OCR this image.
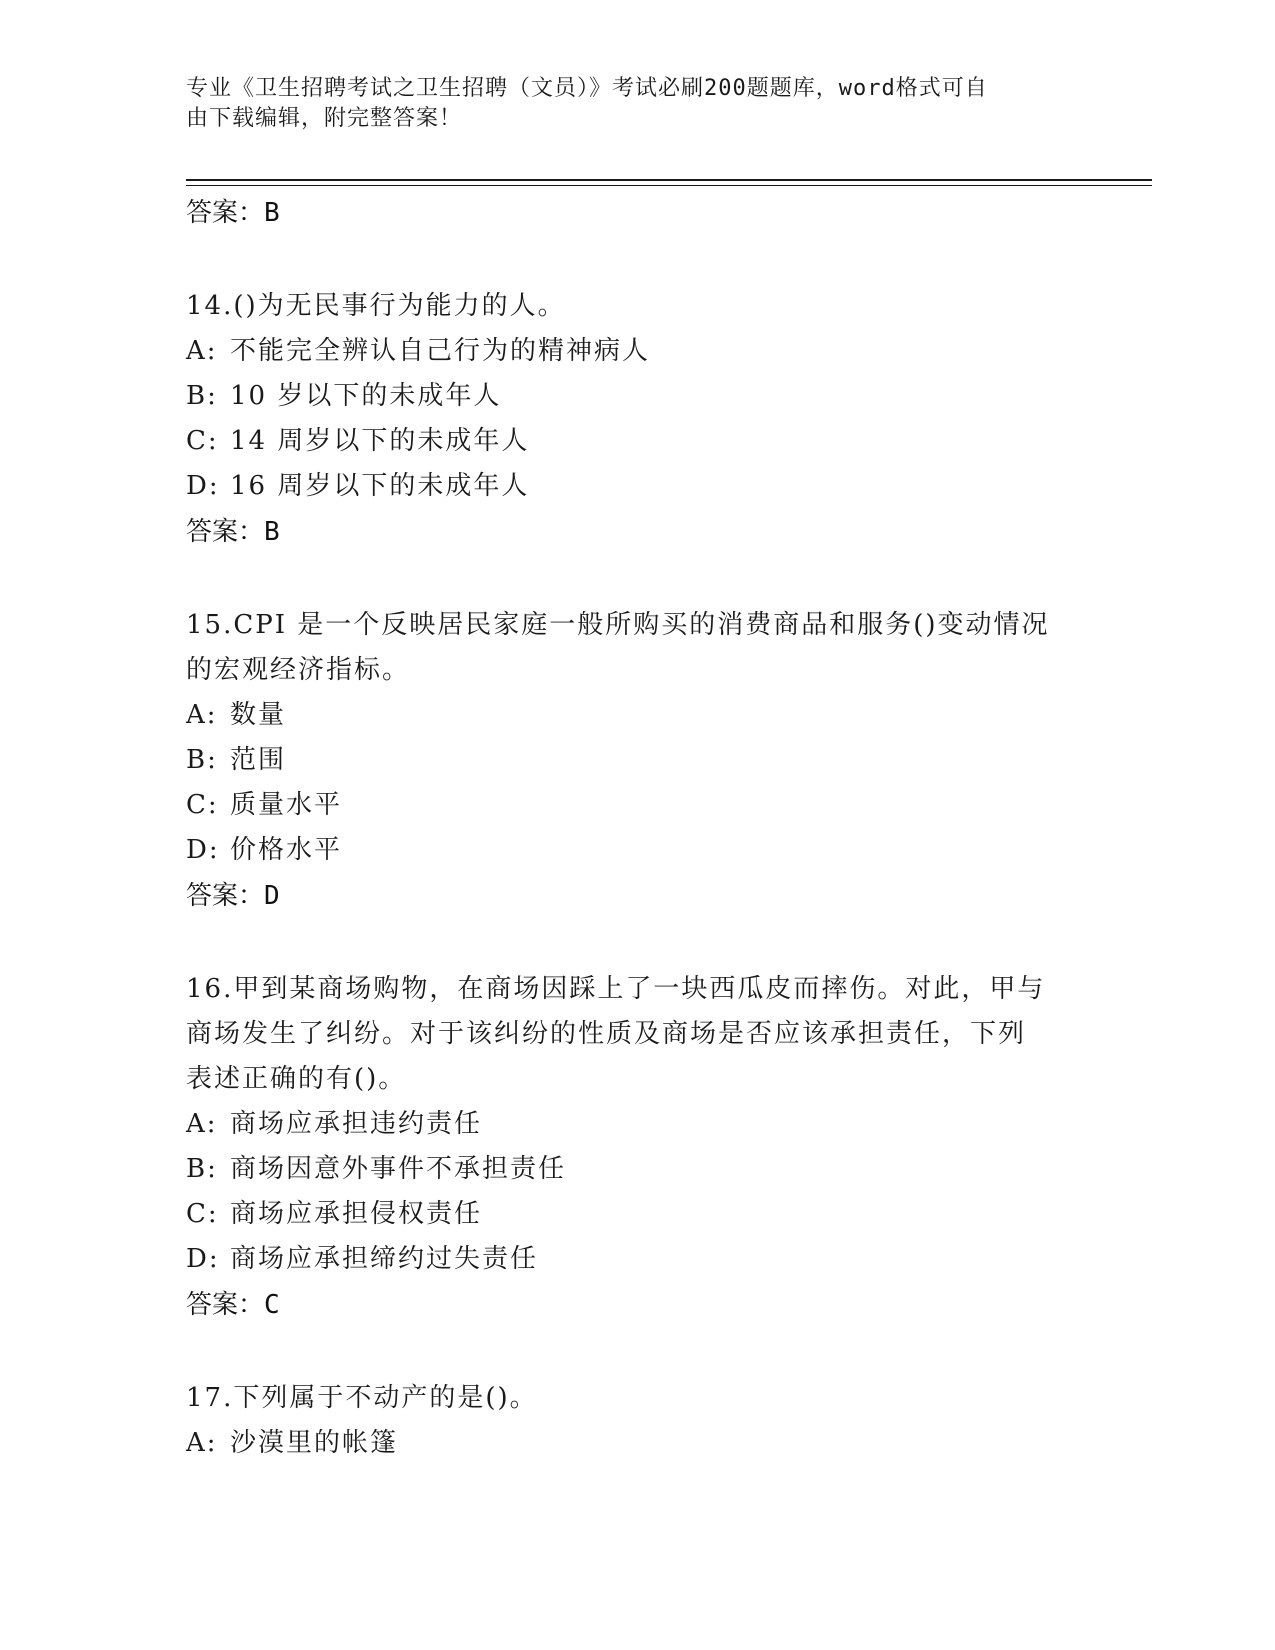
专业《卫生招聘考试之卫生招聘（文员）》考试必刷200题题库，word格式可自
由下载编辑，附完整答案！
答案：B
14.()为无民事行为能力的人。
A: 不能完全辨认自己行为的精神病人
B: 10 岁以下的未成年人
C: 14 周岁以下的未成年人
D: 16 周岁以下的未成年人
答案：B
15.CPI 是一个反映居民家庭一般所购买的消费商品和服务()变动情况
的宏观经济指标。
A: 数量
B: 范围
C: 质量水平
D: 价格水平
答案：D
16.甲到某商场购物，在商场因踩上了一块西瓜皮而摔伤。对此，甲与
商场发生了纠纷。对于该纠纷的性质及商场是否应该承担责任，下列
表述正确的有()。
A: 商场应承担违约责任
B: 商场因意外事件不承担责任
C: 商场应承担侵权责任
D: 商场应承担缔约过失责任
答案：C
17.下列属于不动产的是()。
A: 沙漠里的帐篷
